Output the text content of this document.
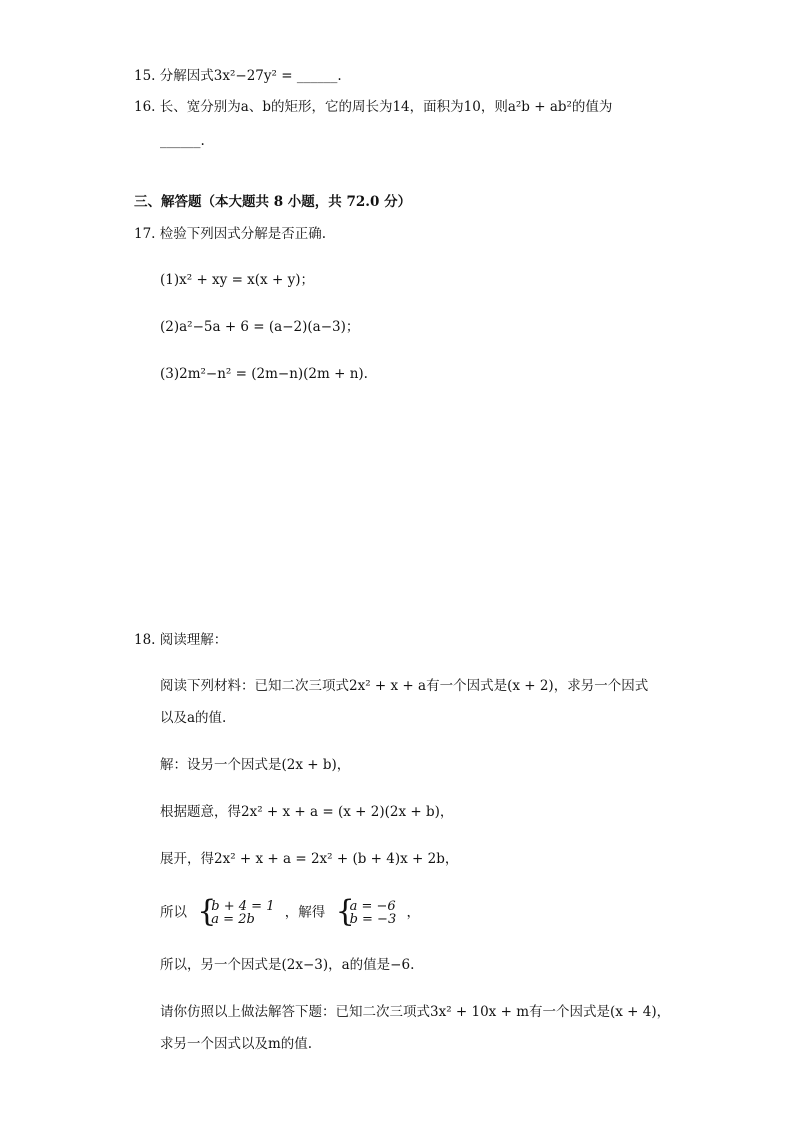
15. 分解因式3x²−27y² = ______.
16. 长、宽分别为a、b的矩形，它的周长为14，面积为10，则a²b + ab²的值为
______.
三、解答题（本大题共 8 小题，共 72.0 分）
17. 检验下列因式分解是否正确.
(1)x² + xy = x(x + y)；
(2)a²−5a + 6 = (a−2)(a−3)；
(3)2m²−n² = (2m−n)(2m + n).
18. 阅读理解：
阅读下列材料：已知二次三项式2x² + x + a有一个因式是(x + 2)，求另一个因式
以及a的值.
解：设另一个因式是(2x + b)，
根据题意，得2x² + x + a = (x + 2)(2x + b)，
展开，得2x² + x + a = 2x² + (b + 4)x + 2b，
所以 {
b + 4 = 1
a = 2b	，解得 {
a = −6
b = −3 ，
所以，另一个因式是(2x−3)，a的值是−6.
请你仿照以上做法解答下题：已知二次三项式3x² + 10x + m有一个因式是(x + 4)，
求另一个因式以及m的值.
